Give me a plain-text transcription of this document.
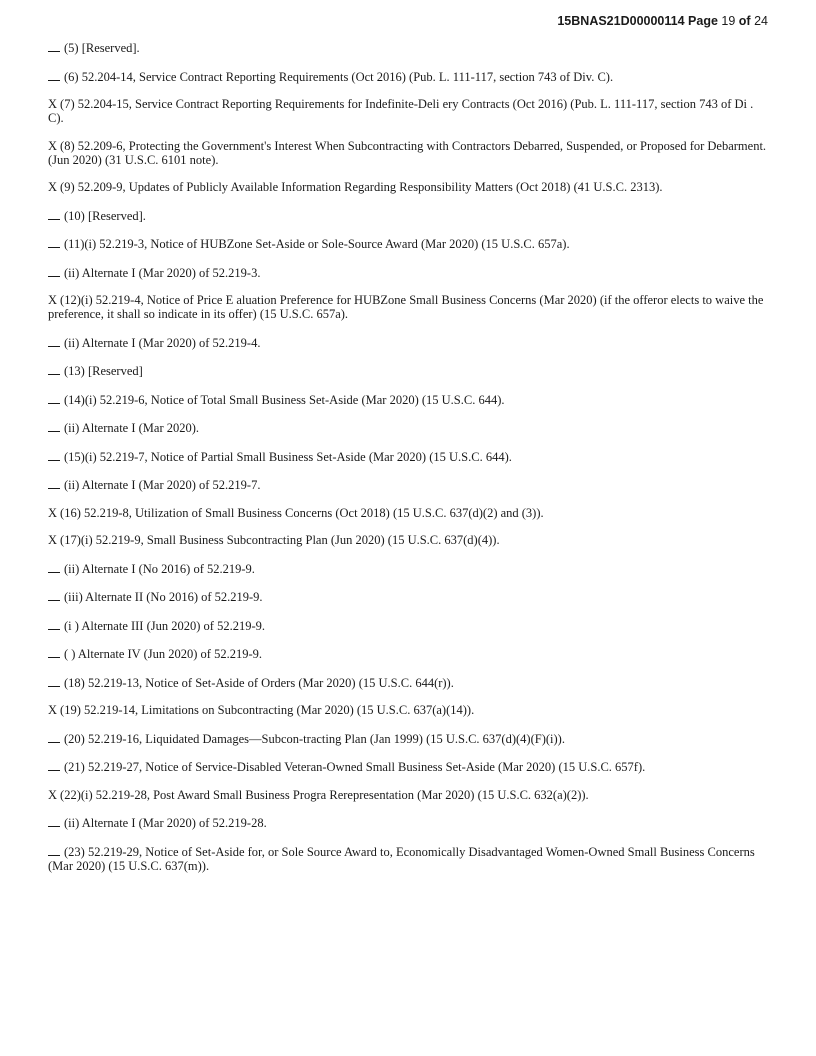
15BNAS21D00000114 Page 19 of 24

(5) [Reserved].

(6) 52.204-14, Service Contract Reporting Requirements (Oct 2016) (Pub. L. 111-117, section 743 of Div. C).

X (7) 52.204-15, Service Contract Reporting Requirements for Indefinite-Deli ery Contracts (Oct 2016) (Pub. L. 111-117, section 743 of Di . C).

X (8) 52.209-6, Protecting the Government's Interest When Subcontracting with Contractors Debarred, Suspended, or Proposed for Debarment. (Jun 2020) (31 U.S.C. 6101 note).

X (9) 52.209-9, Updates of Publicly Available Information Regarding Responsibility Matters (Oct 2018) (41 U.S.C. 2313).

(10) [Reserved].

(11)(i) 52.219-3, Notice of HUBZone Set-Aside or Sole-Source Award (Mar 2020) (15 U.S.C. 657a).

(ii) Alternate I (Mar 2020) of 52.219-3.

X (12)(i) 52.219-4, Notice of Price E aluation Preference for HUBZone Small Business Concerns (Mar 2020) (if the offeror elects to waive the preference, it shall so indicate in its offer) (15 U.S.C. 657a).

(ii) Alternate I (Mar 2020) of 52.219-4.

(13) [Reserved]

(14)(i) 52.219-6, Notice of Total Small Business Set-Aside (Mar 2020) (15 U.S.C. 644).

(ii) Alternate I (Mar 2020).

(15)(i) 52.219-7, Notice of Partial Small Business Set-Aside (Mar 2020) (15 U.S.C. 644).

(ii) Alternate I (Mar 2020) of 52.219-7.

X (16) 52.219-8, Utilization of Small Business Concerns (Oct 2018) (15 U.S.C. 637(d)(2) and (3)).

X (17)(i) 52.219-9, Small Business Subcontracting Plan (Jun 2020) (15 U.S.C. 637(d)(4)).

(ii) Alternate I (No 2016) of 52.219-9.

(iii) Alternate II (No 2016) of 52.219-9.

(i ) Alternate III (Jun 2020) of 52.219-9.

( ) Alternate IV (Jun 2020) of 52.219-9.

(18) 52.219-13, Notice of Set-Aside of Orders (Mar 2020) (15 U.S.C. 644(r)).

X (19) 52.219-14, Limitations on Subcontracting (Mar 2020) (15 U.S.C. 637(a)(14)).

(20) 52.219-16, Liquidated Damages—Subcon-tracting Plan (Jan 1999) (15 U.S.C. 637(d)(4)(F)(i)).

(21) 52.219-27, Notice of Service-Disabled Veteran-Owned Small Business Set-Aside (Mar 2020) (15 U.S.C. 657f).

X (22)(i) 52.219-28, Post Award Small Business Progra Rerepresentation (Mar 2020) (15 U.S.C. 632(a)(2)).

(ii) Alternate I (Mar 2020) of 52.219-28.

(23) 52.219-29, Notice of Set-Aside for, or Sole Source Award to, Economically Disadvantaged Women-Owned Small Business Concerns (Mar 2020) (15 U.S.C. 637(m)).
